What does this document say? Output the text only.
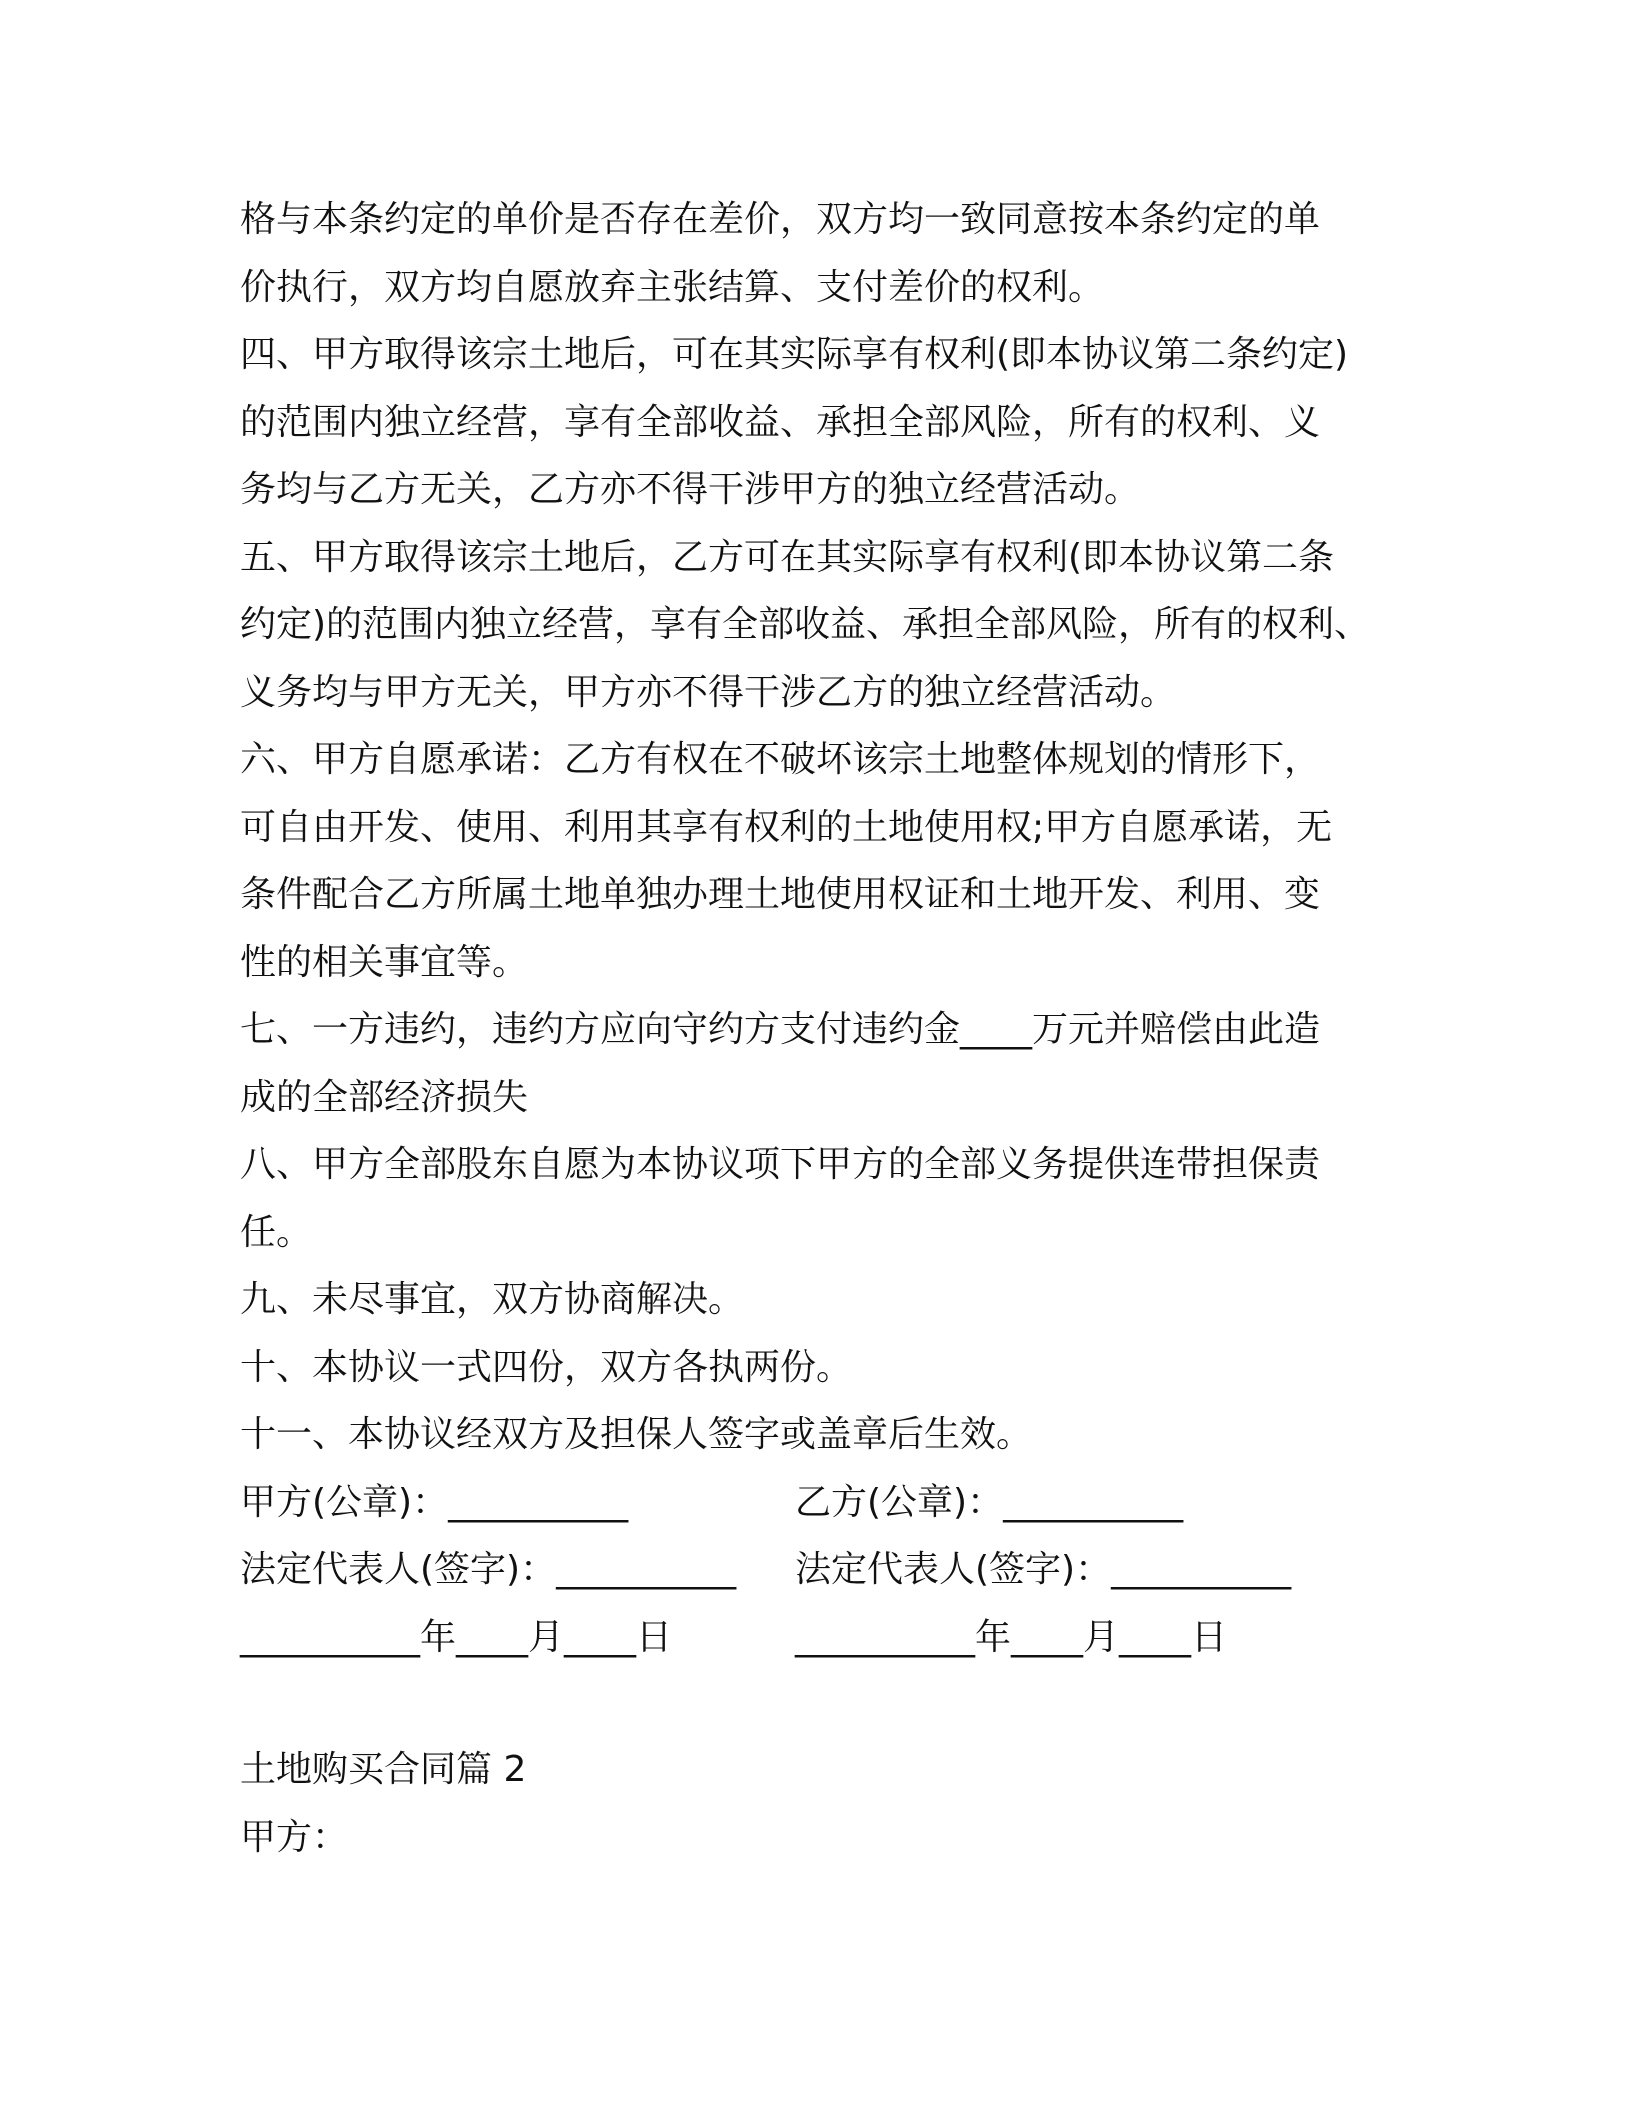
格与本条约定的单价是否存在差价，双方均一致同意按本条约定的单
价执行，双方均自愿放弃主张结算、支付差价的权利。
四、甲方取得该宗土地后，可在其实际享有权利(即本协议第二条约定)
的范围内独立经营，享有全部收益、承担全部风险，所有的权利、义
务均与乙方无关，乙方亦不得干涉甲方的独立经营活动。
五、甲方取得该宗土地后，乙方可在其实际享有权利(即本协议第二条
约定)的范围内独立经营，享有全部收益、承担全部风险，所有的权利、
义务均与甲方无关，甲方亦不得干涉乙方的独立经营活动。
六、甲方自愿承诺：乙方有权在不破坏该宗土地整体规划的情形下，
可自由开发、使用、利用其享有权利的土地使用权;甲方自愿承诺，无
条件配合乙方所属土地单独办理土地使用权证和土地开发、利用、变
性的相关事宜等。
七、一方违约，违约方应向守约方支付违约金____万元并赔偿由此造
成的全部经济损失
八、甲方全部股东自愿为本协议项下甲方的全部义务提供连带担保责
任。
九、未尽事宜，双方协商解决。
十、本协议一式四份，双方各执两份。
十一、本协议经双方及担保人签字或盖章后生效。

甲方(公章)：__________

	乙方(公章)：__________

法定代表人(签字)：__________

法定代表人(签字)：__________

__________年____月____日

	__________年____月____日

土地购买合同篇 2
甲方：
